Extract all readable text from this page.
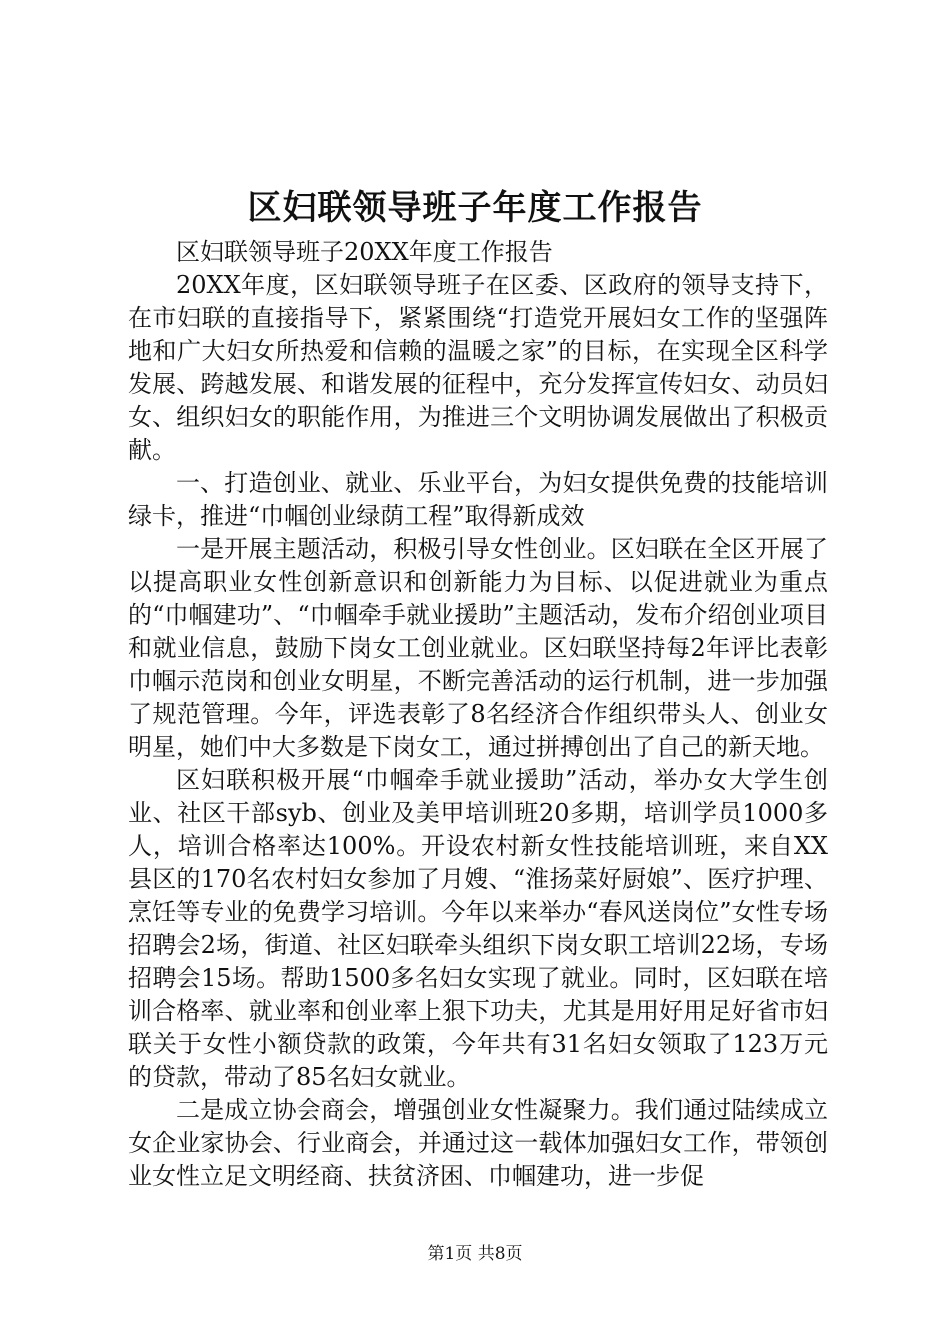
区妇联领导班子年度工作报告

区妇联领导班子20XX年度工作报告

20XX年度，区妇联领导班子在区委、区政府的领导支持下，在市妇联的直接指导下，紧紧围绕“打造党开展妇女工作的坚强阵地和广大妇女所热爱和信赖的温暖之家”的目标，在实现全区科学发展、跨越发展、和谐发展的征程中，充分发挥宣传妇女、动员妇女、组织妇女的职能作用，为推进三个文明协调发展做出了积极贡献。

一、打造创业、就业、乐业平台，为妇女提供免费的技能培训绿卡，推进“巾帼创业绿荫工程”取得新成效

一是开展主题活动，积极引导女性创业。区妇联在全区开展了以提高职业女性创新意识和创新能力为目标、以促进就业为重点的“巾帼建功”、“巾帼牵手就业援助”主题活动，发布介绍创业项目和就业信息，鼓励下岗女工创业就业。区妇联坚持每2年评比表彰巾帼示范岗和创业女明星，不断完善活动的运行机制，进一步加强了规范管理。今年，评选表彰了8名经济合作组织带头人、创业女明星，她们中大多数是下岗女工，通过拼搏创出了自己的新天地。

区妇联积极开展“巾帼牵手就业援助”活动，举办女大学生创业、社区干部syb、创业及美甲培训班20多期，培训学员1000多人，培训合格率达100%。开设农村新女性技能培训班，来自XX县区的170名农村妇女参加了月嫂、“淮扬菜好厨娘”、医疗护理、烹饪等专业的免费学习培训。今年以来举办“春风送岗位”女性专场招聘会2场，街道、社区妇联牵头组织下岗女职工培训22场，专场招聘会15场。帮助1500多名妇女实现了就业。同时，区妇联在培训合格率、就业率和创业率上狠下功夫，尤其是用好用足好省市妇联关于女性小额贷款的政策，今年共有31名妇女领取了123万元的贷款，带动了85名妇女就业。

二是成立协会商会，增强创业女性凝聚力。我们通过陆续成立女企业家协会、行业商会，并通过这一载体加强妇女工作，带领创业女性立足文明经商、扶贫济困、巾帼建功，进一步促

第1页 共8页
